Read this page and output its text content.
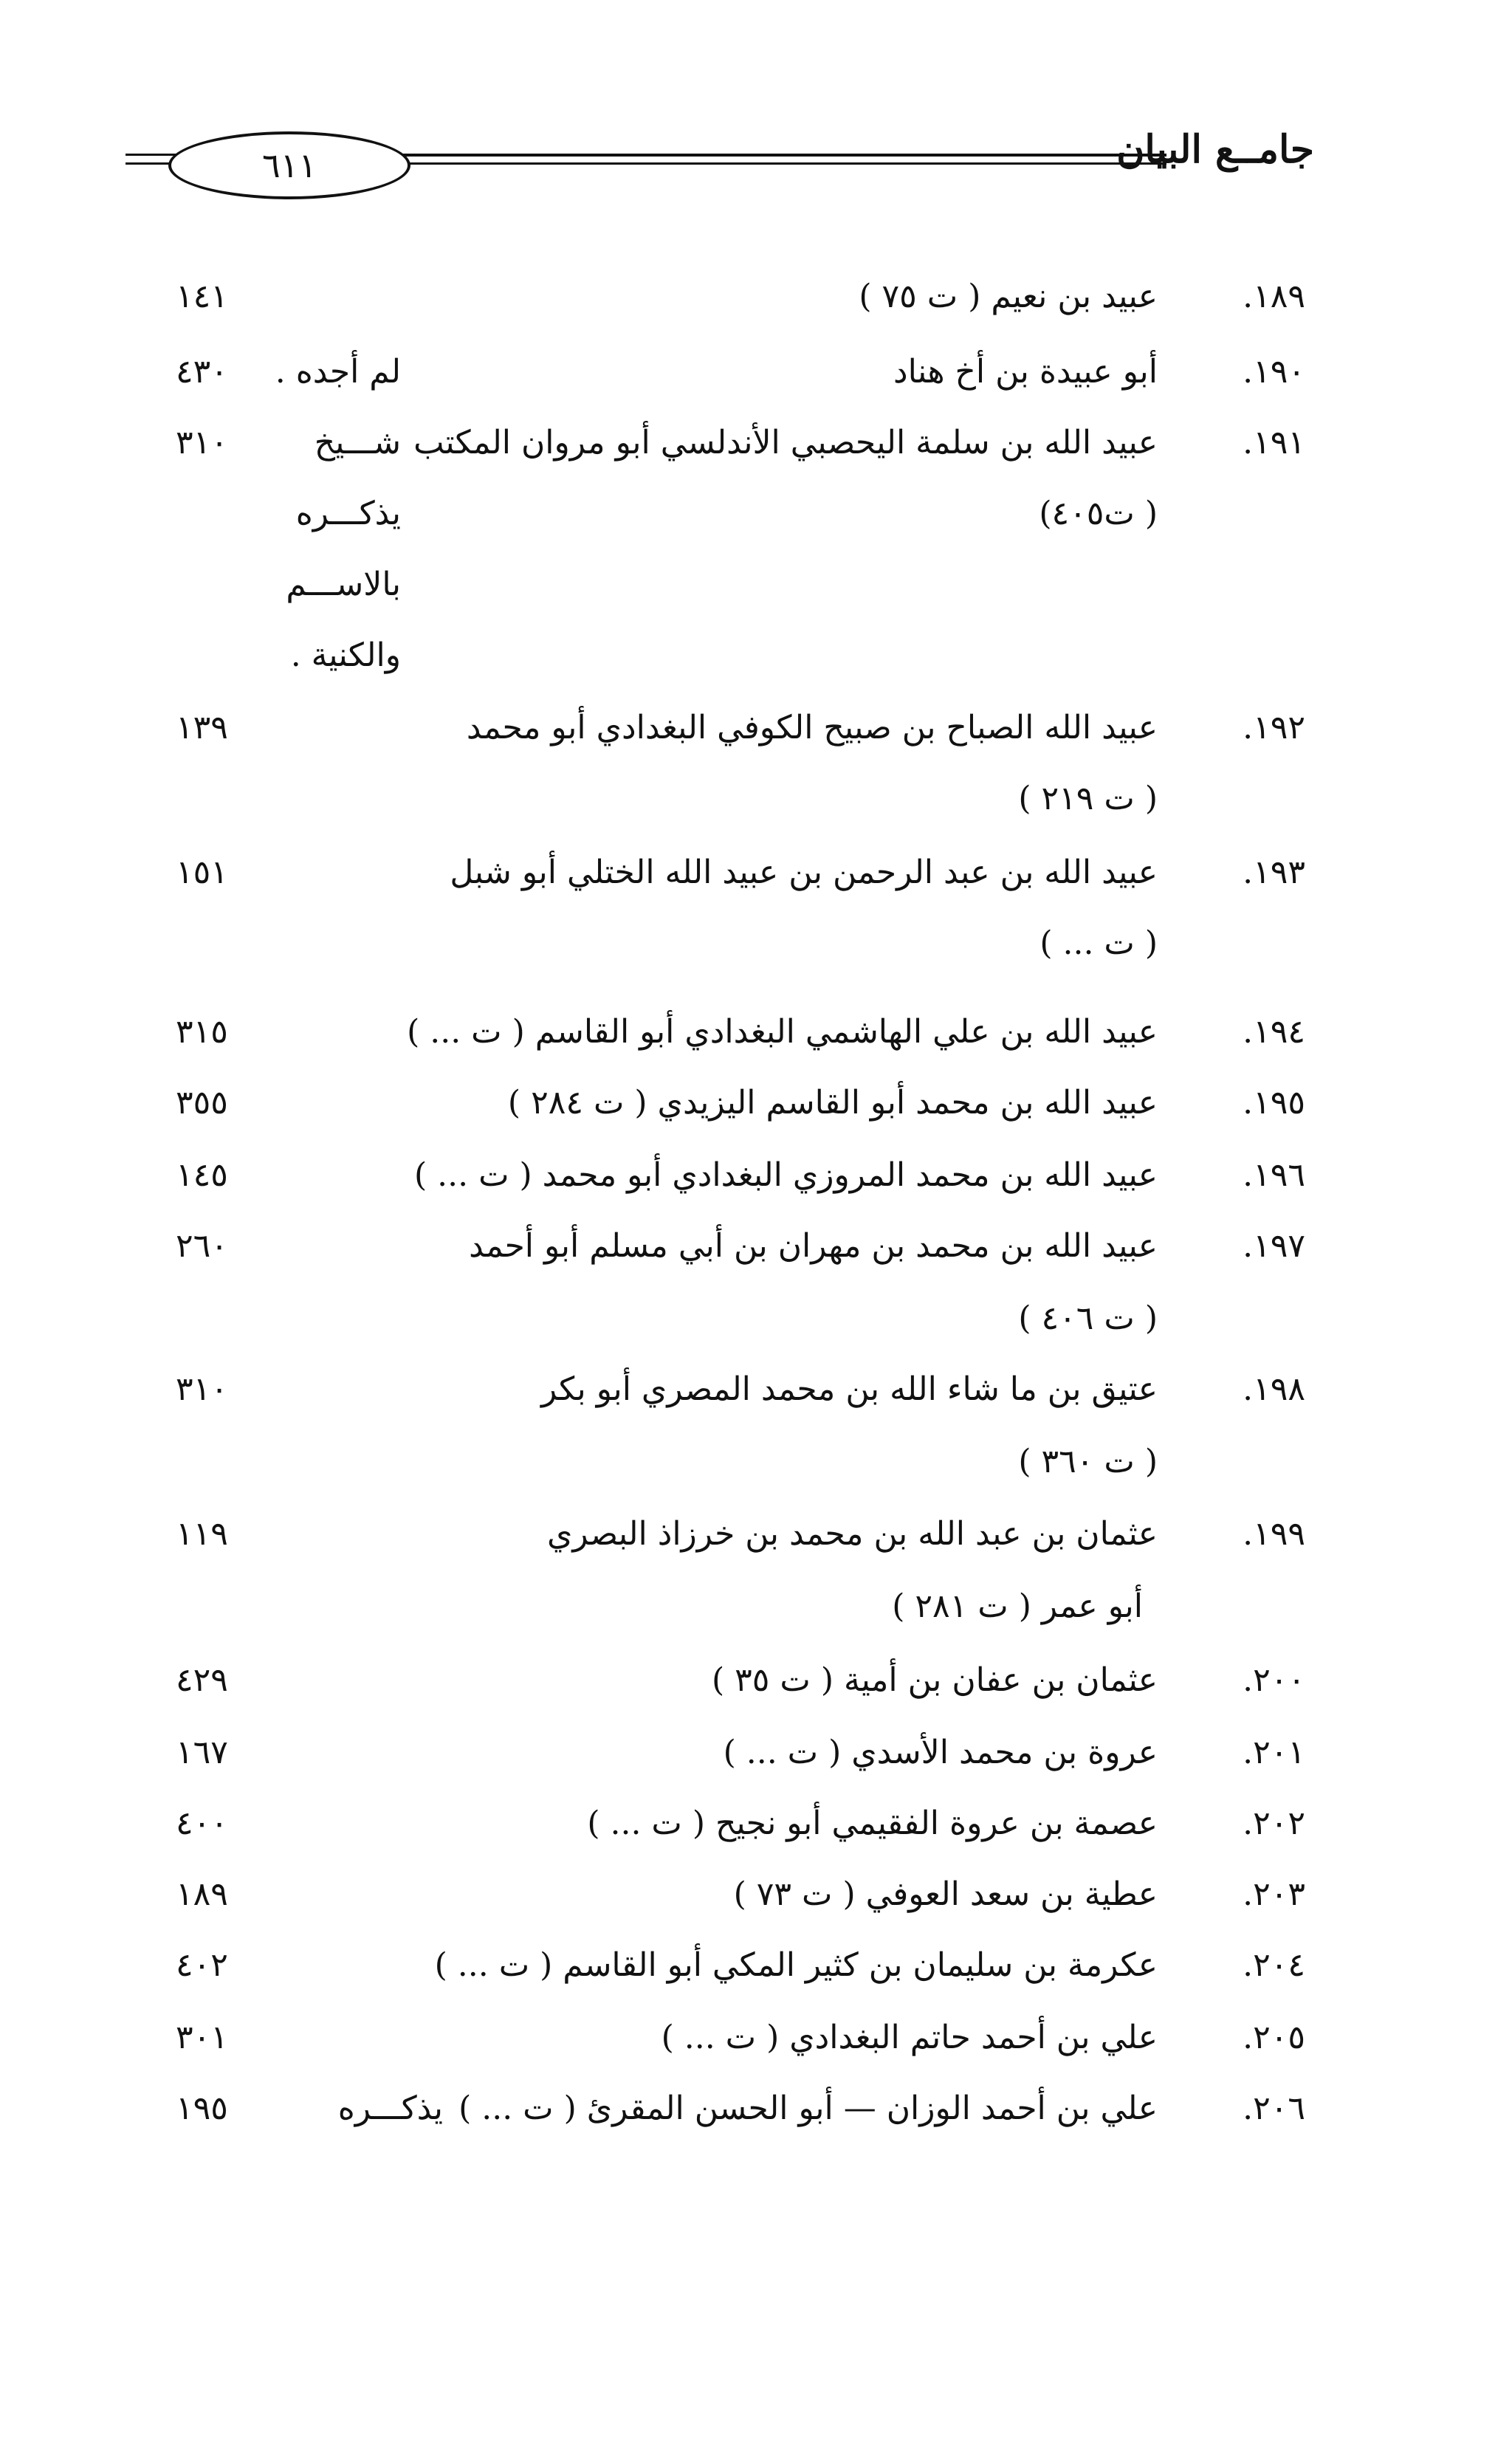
٦١١	جامــع البيان
١٨٩.
عبيد بن نعيم ( ت ٧٥ )
١٤١
١٩٠.
أبو عبيدة بن أخ هناد
لم أجده .
٤٣٠
١٩١.
عبيد الله بن سلمة اليحصبي الأندلسي أبو مروان المكتب
( ت٤٠٥)
شـــيخ
يذكـــره
بالاســـم
والكنية .
٣١٠
١٩٢.
عبيد الله الصباح بن صبيح الكوفي البغدادي أبو محمد
( ت ٢١٩ )
١٣٩
١٩٣.
عبيد الله بن عبد الرحمن بن عبيد الله الختلي أبو شبل
( ت ... )
١٥١
١٩٤.
عبيد الله بن علي الهاشمي البغدادي أبو القاسم ( ت ... )
٣١٥
١٩٥.
عبيد الله بن محمد أبو القاسم اليزيدي ( ت ٢٨٤ )
٣٥٥
١٩٦.
عبيد الله بن محمد المروزي البغدادي أبو محمد ( ت ... )
١٤٥
١٩٧.
عبيد الله بن محمد بن مهران بن أبي مسلم أبو أحمد
( ت ٤٠٦ )
٢٦٠
١٩٨.
عتيق بن ما شاء الله بن محمد المصري أبو بكر
( ت ٣٦٠ )
٣١٠
١٩٩.
عثمان بن عبد الله بن محمد بن خرزاذ البصري
أبو عمر ( ت ٢٨١ )
١١٩
٢٠٠.
عثمان بن عفان بن أمية ( ت ٣٥ )
٤٢٩
٢٠١.
عروة بن محمد الأسدي ( ت ... )
١٦٧
٢٠٢.
عصمة بن عروة الفقيمي أبو نجيح ( ت ... )
٤٠٠
٢٠٣.
عطية بن سعد العوفي ( ت ٧٣ )
١٨٩
٢٠٤.
عكرمة بن سليمان بن كثير المكي أبو القاسم ( ت ... )
٤٠٢
٢٠٥.
علي بن أحمد حاتم البغدادي ( ت ... )
٣٠١
٢٠٦.
علي بن أحمد الوزان — أبو الحسن المقرئ ( ت ... )
يذكـــره
١٩٥
